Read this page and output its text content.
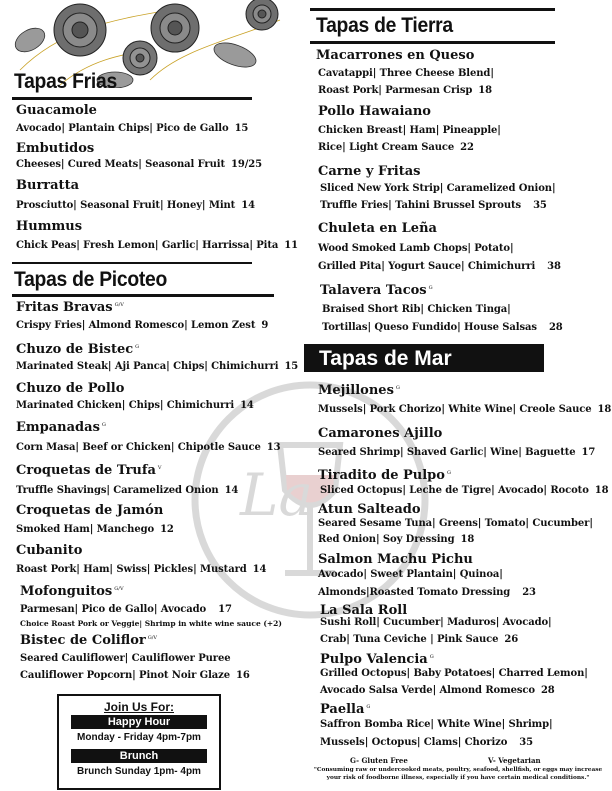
La
Tapas Frias
Guacamole
Avocado| Plantain Chips| Pico de Gallo 15
Embutidos
Cheeses| Cured Meats| Seasonal Fruit 19/25
Burratta
Prosciutto| Seasonal Fruit| Honey| Mint 14
Hummus
Chick Peas| Fresh Lemon| Garlic| Harrissa| Pita 11
Tapas de Picoteo
Fritas Bravas $^{G/V}$
Crispy Fries| Almond Romesco| Lemon Zest 9
Chuzo de Bistec $^G$
Marinated Steak| Aji Panca| Chips| Chimichurri 15
Chuzo de Pollo
Marinated Chicken| Chips| Chimichurri 14
Empanadas $^G$
Corn Masa| Beef or Chicken| Chipotle Sauce 13
Croquetas de Trufa $^V$
Truffle Shavings| Caramelized Onion 14
Croquetas de Jamón
Smoked Ham| Manchego 12
Cubanito
Roast Pork| Ham| Swiss| Pickles| Mustard 14
Mofonguitos $^{G/V}$
Parmesan| Pico de Gallo| Avocado 17
Choice Roast Pork or Veggie| Shrimp in white wine sauce (+2)
Bistec de Coliflor $^{G/V}$
Seared Cauliflower| Cauliflower Puree
Cauliflower Popcorn| Pinot Noir Glaze 16
Join Us For:
Happy Hour
Monday - Friday 4pm-7pm
Brunch
Brunch Sunday 1pm- 4pm
Tapas de Tierra
Macarrones en Queso
Cavatappi| Three Cheese Blend|
Roast Pork| Parmesan Crisp 18
Pollo Hawaiano
Chicken Breast| Ham| Pineapple|
Rice| Light Cream Sauce 22
Carne y Fritas
Sliced New York Strip| Caramelized Onion|
Truffle Fries| Tahini Brussel Sprouts 35
Chuleta en Leña
Wood Smoked Lamb Chops| Potato|
Grilled Pita| Yogurt Sauce| Chimichurri 38
Talavera Tacos $^G$
Braised Short Rib| Chicken Tinga|
Tortillas| Queso Fundido| House Salsas 28
Tapas de Mar
Mejillones $^G$
Mussels| Pork Chorizo| White Wine| Creole Sauce 18
Camarones Ajillo
Seared Shrimp| Shaved Garlic| Wine| Baguette 17
Tiradito de Pulpo $^G$
Sliced Octopus| Leche de Tigre| Avocado| Rocoto 18
Atun Salteado
Seared Sesame Tuna| Greens| Tomato| Cucumber|
Red Onion| Soy Dressing 18
Salmon Machu Pichu
Avocado| Sweet Plantain| Quinoa|
Almonds|Roasted Tomato Dressing 23
La Sala Roll
Sushi Roll| Cucumber| Maduros| Avocado|
Crab| Tuna Ceviche | Pink Sauce 26
Pulpo Valencia $^G$
Grilled Octopus| Baby Potatoes| Charred Lemon|
Avocado Salsa Verde| Almond Romesco 28
Paella $^G$
Saffron Bomba Rice| White Wine| Shrimp|
Mussels| Octopus| Clams| Chorizo 35
G- Gluten Free	V- Vegetarian
"Consuming raw or undercooked meats, poultry, seafood, shellfish, or eggs may increase your risk of foodborne illness, especially if you have certain medical conditions."
